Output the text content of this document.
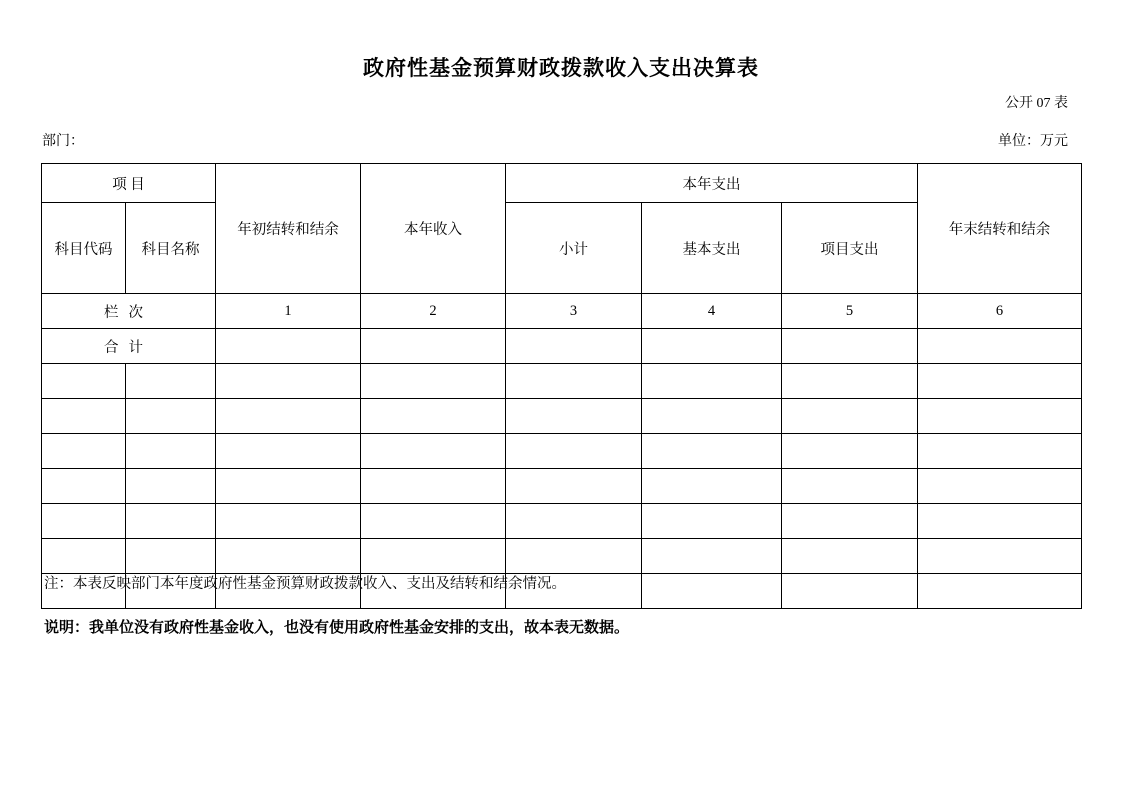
政府性基金预算财政拨款收入支出决算表
公开 07 表
部门：	单位：万元
项 目		年初结转和结余	本年收入	本年支出			年末结转和结余
科目代码	科目名称			小计	基本支出	项目支出	
栏次		1	2	3	4	5	6
合计							

注：本表反映部门本年度政府性基金预算财政拨款收入、支出及结转和结余情况。
说明：我单位没有政府性基金收入，也没有使用政府性基金安排的支出，故本表无数据。
